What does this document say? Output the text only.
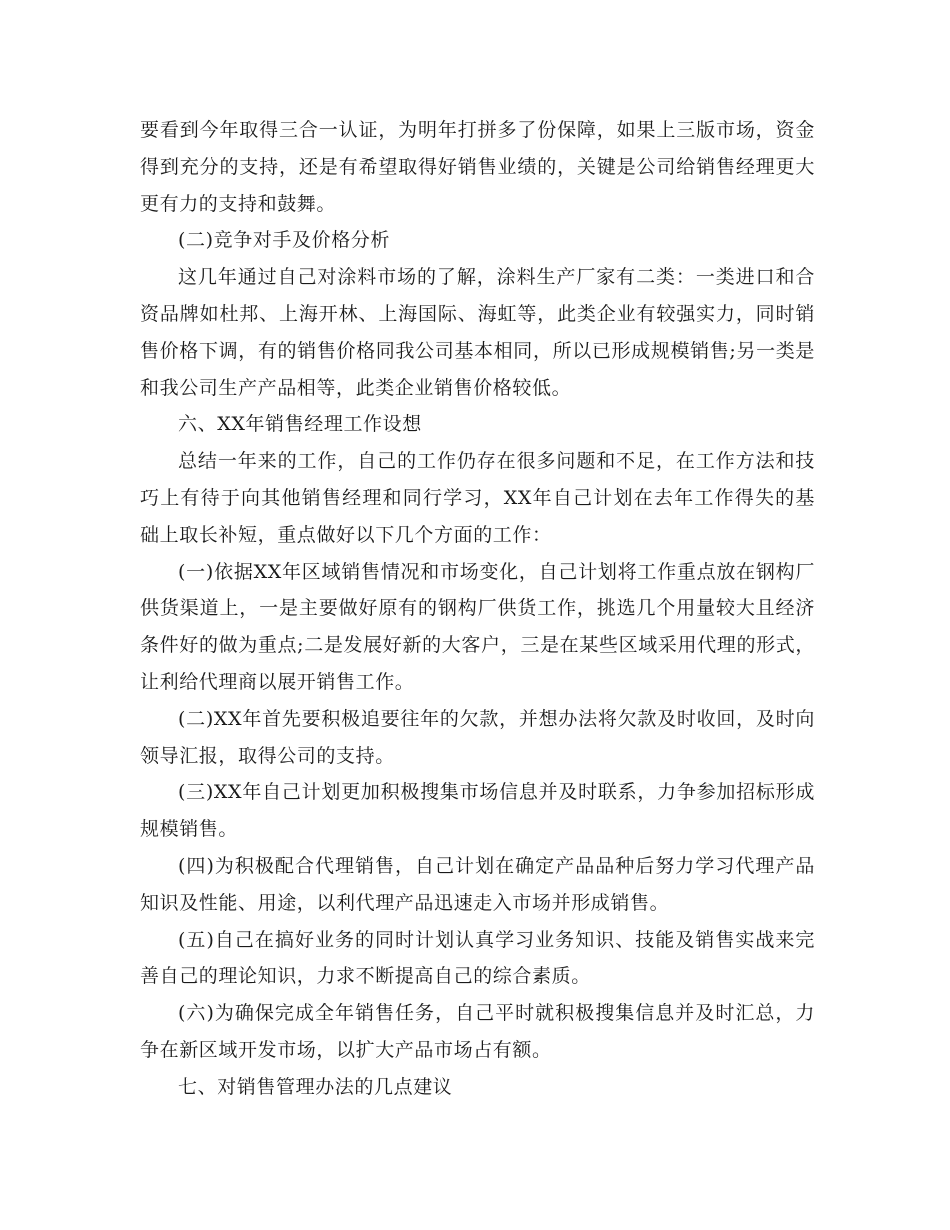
要看到今年取得三合一认证，为明年打拼多了份保障，如果上三版市场，资金得到充分的支持，还是有希望取得好销售业绩的，关键是公司给销售经理更大更有力的支持和鼓舞。

(二)竞争对手及价格分析

这几年通过自己对涂料市场的了解，涂料生产厂家有二类：一类进口和合资品牌如杜邦、上海开林、上海国际、海虹等，此类企业有较强实力，同时销售价格下调，有的销售价格同我公司基本相同，所以已形成规模销售;另一类是和我公司生产产品相等，此类企业销售价格较低。

六、XX年销售经理工作设想

总结一年来的工作，自己的工作仍存在很多问题和不足，在工作方法和技巧上有待于向其他销售经理和同行学习，XX年自己计划在去年工作得失的基础上取长补短，重点做好以下几个方面的工作：

(一)依据XX年区域销售情况和市场变化，自己计划将工作重点放在钢构厂供货渠道上，一是主要做好原有的钢构厂供货工作，挑选几个用量较大且经济条件好的做为重点;二是发展好新的大客户，三是在某些区域采用代理的形式，让利给代理商以展开销售工作。

(二)XX年首先要积极追要往年的欠款，并想办法将欠款及时收回，及时向领导汇报，取得公司的支持。

(三)XX年自己计划更加积极搜集市场信息并及时联系，力争参加招标形成规模销售。

(四)为积极配合代理销售，自己计划在确定产品品种后努力学习代理产品知识及性能、用途，以利代理产品迅速走入市场并形成销售。

(五)自己在搞好业务的同时计划认真学习业务知识、技能及销售实战来完善自己的理论知识，力求不断提高自己的综合素质。

(六)为确保完成全年销售任务，自己平时就积极搜集信息并及时汇总，力争在新区域开发市场，以扩大产品市场占有额。

七、对销售管理办法的几点建议
